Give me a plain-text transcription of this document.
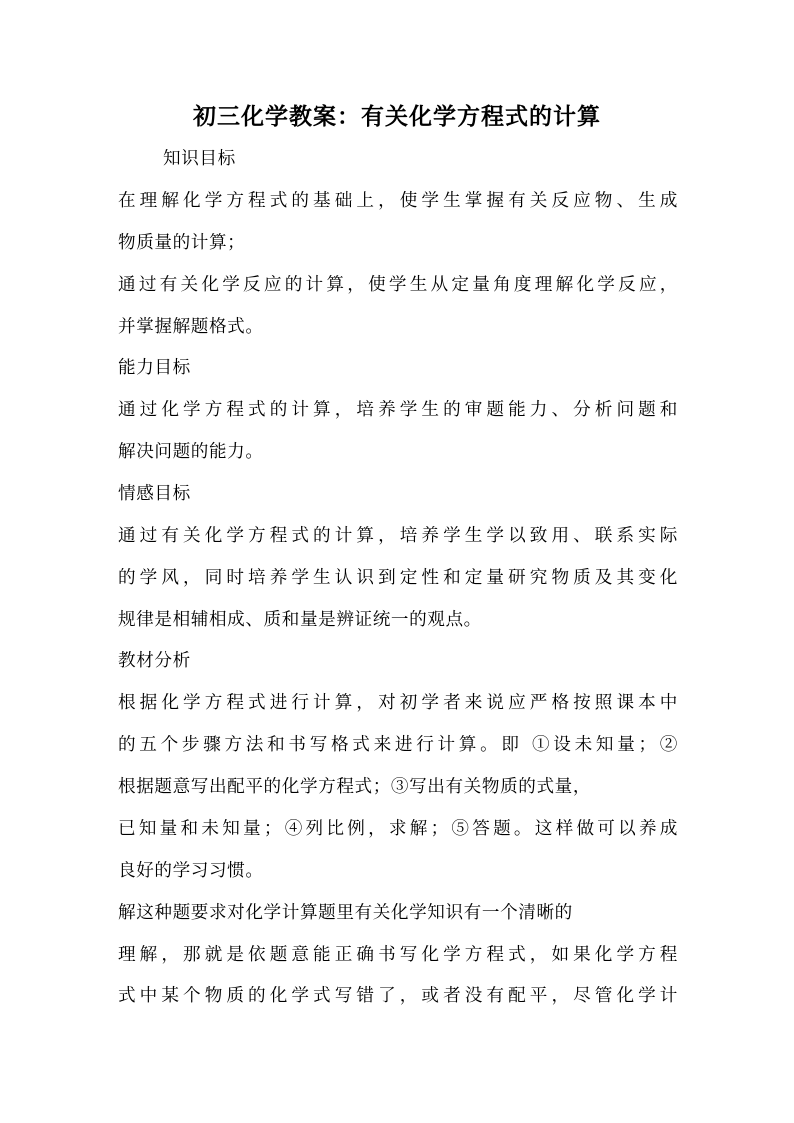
初三化学教案：有关化学方程式的计算
知识目标
在理解化学方程式的基础上，使学生掌握有关反应物、生成
物质量的计算；
通过有关化学反应的计算，使学生从定量角度理解化学反应，
并掌握解题格式。
能力目标
通过化学方程式的计算，培养学生的审题能力、分析问题和
解决问题的能力。
情感目标
通过有关化学方程式的计算，培养学生学以致用、联系实际
的学风，同时培养学生认识到定性和定量研究物质及其变化
规律是相辅相成、质和量是辨证统一的观点。
教材分析
根据化学方程式进行计算，对初学者来说应严格按照课本中
的五个步骤方法和书写格式来进行计算。即 ①设未知量；②
根据题意写出配平的化学方程式；③写出有关物质的式量，
已知量和未知量；④列比例，求解；⑤答题。这样做可以养成
良好的学习习惯。
解这种题要求对化学计算题里有关化学知识有一个清晰的
理解，那就是依题意能正确书写化学方程式，如果化学方程
式中某个物质的化学式写错了，或者没有配平，尽管化学计
